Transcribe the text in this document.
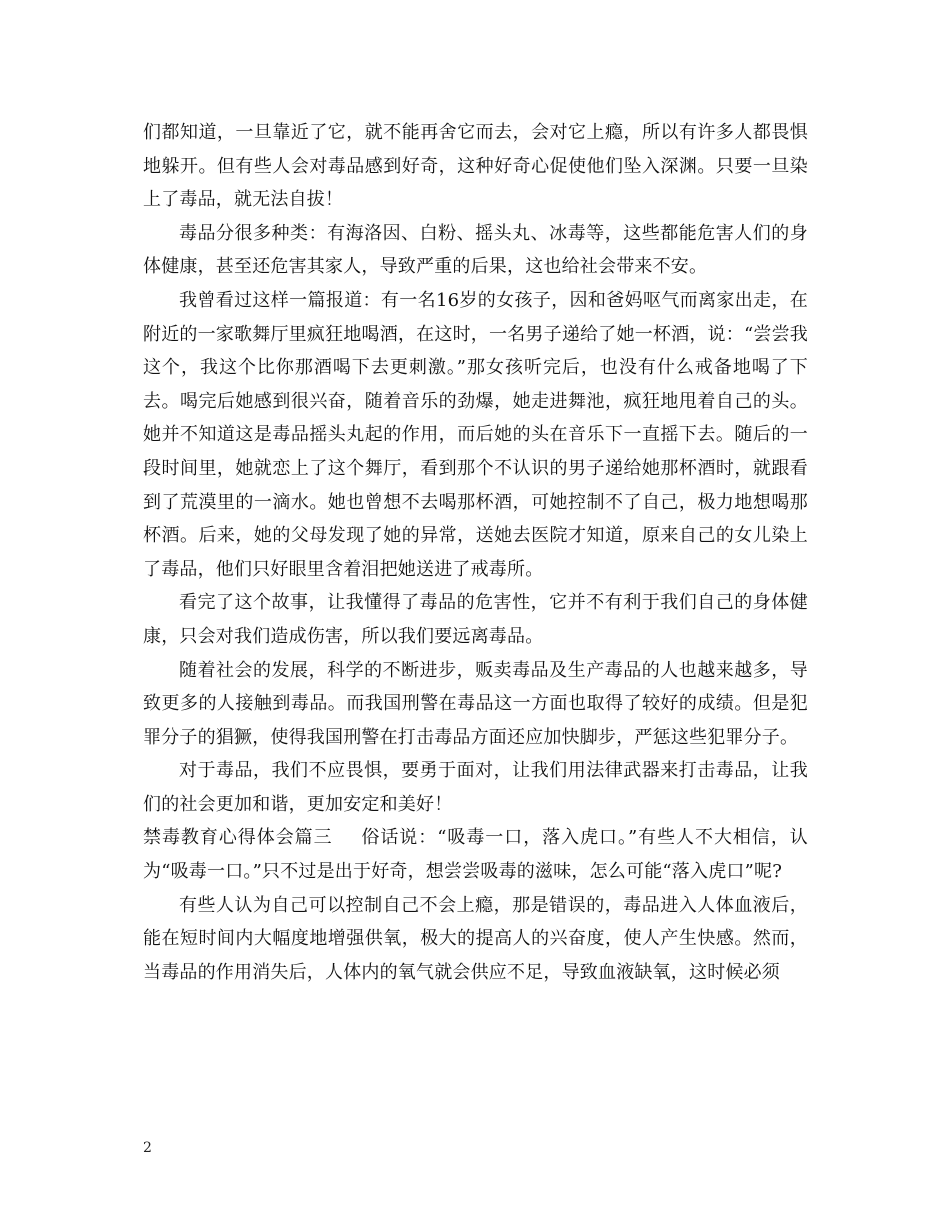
们都知道，一旦靠近了它，就不能再舍它而去，会对它上瘾，所以有许多人都畏惧地躲开。但有些人会对毒品感到好奇，这种好奇心促使他们坠入深渊。只要一旦染上了毒品，就无法自拔！

毒品分很多种类：有海洛因、白粉、摇头丸、冰毒等，这些都能危害人们的身体健康，甚至还危害其家人，导致严重的后果，这也给社会带来不安。

我曾看过这样一篇报道：有一名16岁的女孩子，因和爸妈呕气而离家出走，在附近的一家歌舞厅里疯狂地喝酒，在这时，一名男子递给了她一杯酒，说：“尝尝我这个，我这个比你那酒喝下去更刺激。”那女孩听完后，也没有什么戒备地喝了下去。喝完后她感到很兴奋，随着音乐的劲爆，她走进舞池，疯狂地甩着自己的头。她并不知道这是毒品摇头丸起的作用，而后她的头在音乐下一直摇下去。随后的一段时间里，她就恋上了这个舞厅，看到那个不认识的男子递给她那杯酒时，就跟看到了荒漠里的一滴水。她也曾想不去喝那杯酒，可她控制不了自己，极力地想喝那杯酒。后来，她的父母发现了她的异常，送她去医院才知道，原来自己的女儿染上了毒品，他们只好眼里含着泪把她送进了戒毒所。

看完了这个故事，让我懂得了毒品的危害性，它并不有利于我们自己的身体健康，只会对我们造成伤害，所以我们要远离毒品。

随着社会的发展，科学的不断进步，贩卖毒品及生产毒品的人也越来越多，导致更多的人接触到毒品。而我国刑警在毒品这一方面也取得了较好的成绩。但是犯罪分子的猖獗，使得我国刑警在打击毒品方面还应加快脚步，严惩这些犯罪分子。

对于毒品，我们不应畏惧，要勇于面对，让我们用法律武器来打击毒品，让我们的社会更加和谐，更加安定和美好！

禁毒教育心得体会篇三 俗话说：“吸毒一口，落入虎口。”有些人不大相信，认为“吸毒一口。”只不过是出于好奇，想尝尝吸毒的滋味，怎么可能“落入虎口”呢?

有些人认为自己可以控制自己不会上瘾，那是错误的，毒品进入人体血液后，能在短时间内大幅度地增强供氧，极大的提高人的兴奋度，使人产生快感。然而，当毒品的作用消失后，人体内的氧气就会供应不足，导致血液缺氧，这时候必须

2
